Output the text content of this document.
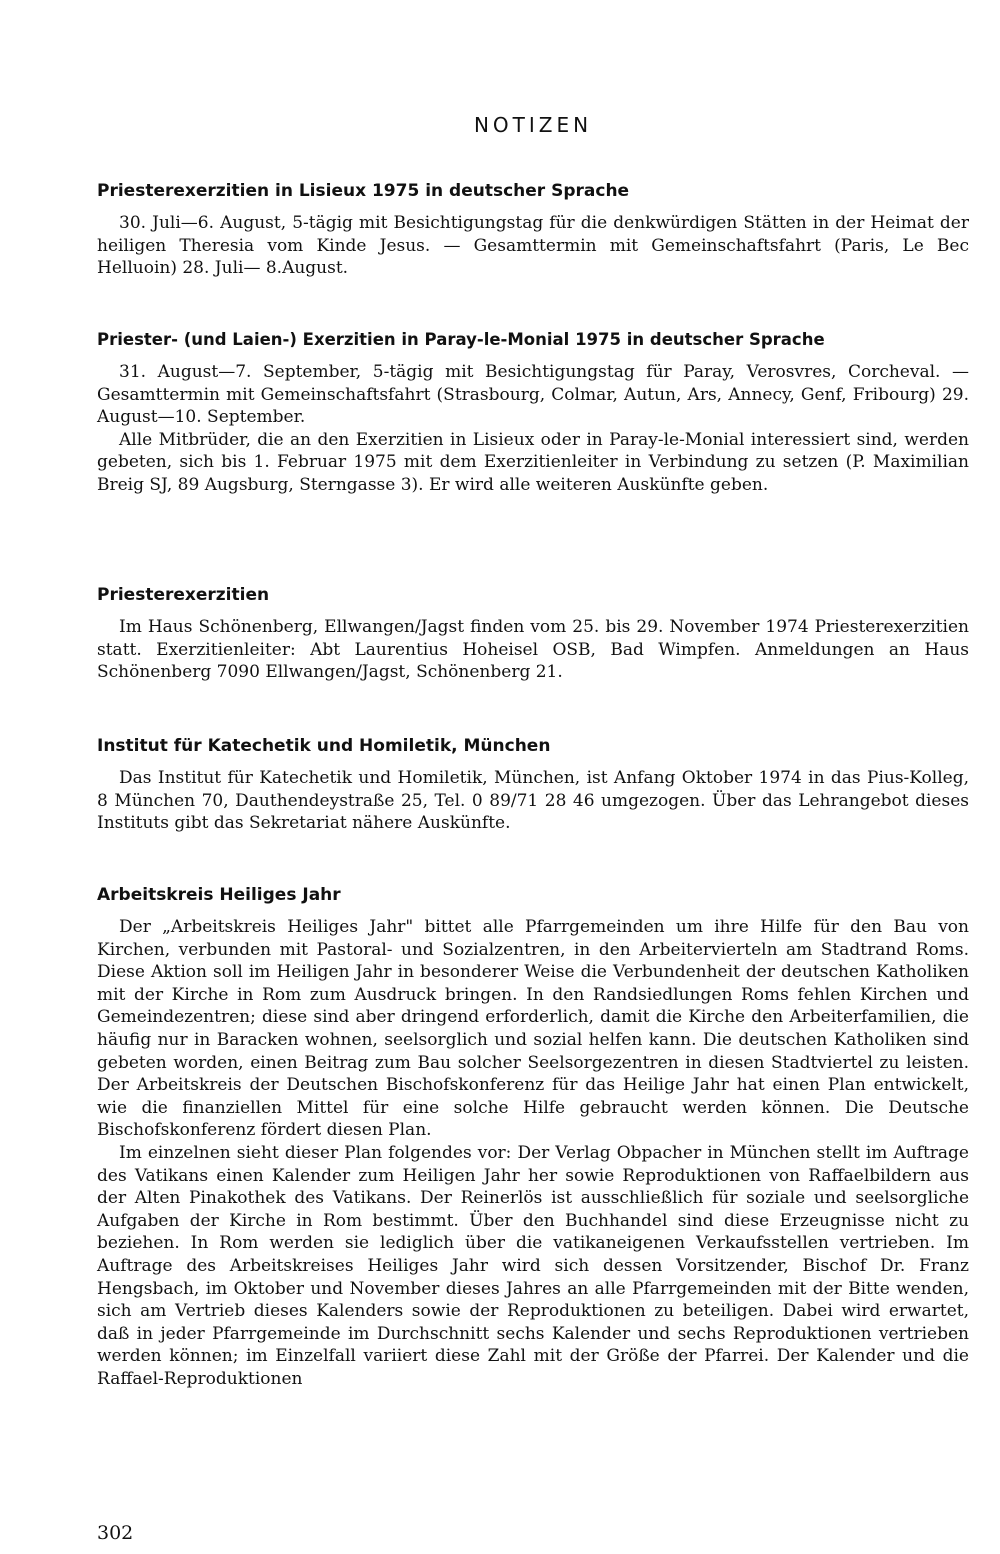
NOTIZEN
Priesterexerzitien in Lisieux 1975 in deutscher Sprache

30. Juli—6. August, 5-tägig mit Besichtigungstag für die denkwürdigen Stätten in der Heimat der heiligen Theresia vom Kinde Jesus. — Gesamttermin mit Gemeinschaftsfahrt (Paris, Le Bec Helluoin) 28. Juli— 8.August.

Priester- (und Laien-) Exerzitien in Paray-le-Monial 1975 in deutscher Sprache

31. August—7. September, 5-tägig mit Besichtigungstag für Paray, Verosvres, Corcheval. — Gesamttermin mit Gemeinschaftsfahrt (Strasbourg, Colmar, Autun, Ars, Annecy, Genf, Fribourg) 29. August—10. September.

Alle Mitbrüder, die an den Exerzitien in Lisieux oder in Paray-le-Monial interessiert sind, werden gebeten, sich bis 1. Februar 1975 mit dem Exerzitienleiter in Verbindung zu setzen (P. Maximilian Breig SJ, 89 Augsburg, Sterngasse 3). Er wird alle weiteren Auskünfte geben.

Priesterexerzitien

Im Haus Schönenberg, Ellwangen/Jagst finden vom 25. bis 29. November 1974 Priesterexerzitien statt. Exerzitienleiter: Abt Laurentius Hoheisel OSB, Bad Wimpfen. Anmeldungen an Haus Schönenberg 7090 Ellwangen/Jagst, Schönenberg 21.

Institut für Katechetik und Homiletik, München

Das Institut für Katechetik und Homiletik, München, ist Anfang Oktober 1974 in das Pius-Kolleg, 8 München 70, Dauthendeystraße 25, Tel. 0 89/71 28 46 umgezogen. Über das Lehrangebot dieses Instituts gibt das Sekretariat nähere Auskünfte.

Arbeitskreis Heiliges Jahr

Der „Arbeitskreis Heiliges Jahr" bittet alle Pfarrgemeinden um ihre Hilfe für den Bau von Kirchen, verbunden mit Pastoral- und Sozialzentren, in den Arbeitervierteln am Stadtrand Roms. Diese Aktion soll im Heiligen Jahr in besonderer Weise die Verbundenheit der deutschen Katholiken mit der Kirche in Rom zum Ausdruck bringen. In den Randsiedlungen Roms fehlen Kirchen und Gemeindezentren; diese sind aber dringend erforderlich, damit die Kirche den Arbeiterfamilien, die häufig nur in Baracken wohnen, seelsorglich und sozial helfen kann. Die deutschen Katholiken sind gebeten worden, einen Beitrag zum Bau solcher Seelsorgezentren in diesen Stadtviertel zu leisten. Der Arbeitskreis der Deutschen Bischofskonferenz für das Heilige Jahr hat einen Plan entwickelt, wie die finanziellen Mittel für eine solche Hilfe gebraucht werden können. Die Deutsche Bischofskonferenz fördert diesen Plan.

Im einzelnen sieht dieser Plan folgendes vor: Der Verlag Obpacher in München stellt im Auftrage des Vatikans einen Kalender zum Heiligen Jahr her sowie Reproduktionen von Raffaelbildern aus der Alten Pinakothek des Vatikans. Der Reinerlös ist ausschließlich für soziale und seelsorgliche Aufgaben der Kirche in Rom bestimmt. Über den Buchhandel sind diese Erzeugnisse nicht zu beziehen. In Rom werden sie lediglich über die vatikaneigenen Verkaufsstellen vertrieben. Im Auftrage des Arbeitskreises Heiliges Jahr wird sich dessen Vorsitzender, Bischof Dr. Franz Hengsbach, im Oktober und November dieses Jahres an alle Pfarrgemeinden mit der Bitte wenden, sich am Vertrieb dieses Kalenders sowie der Reproduktionen zu beteiligen. Dabei wird erwartet, daß in jeder Pfarrgemeinde im Durchschnitt sechs Kalender und sechs Reproduktionen vertrieben werden können; im Einzelfall variiert diese Zahl mit der Größe der Pfarrei. Der Kalender und die Raffael-Reproduktionen

302
